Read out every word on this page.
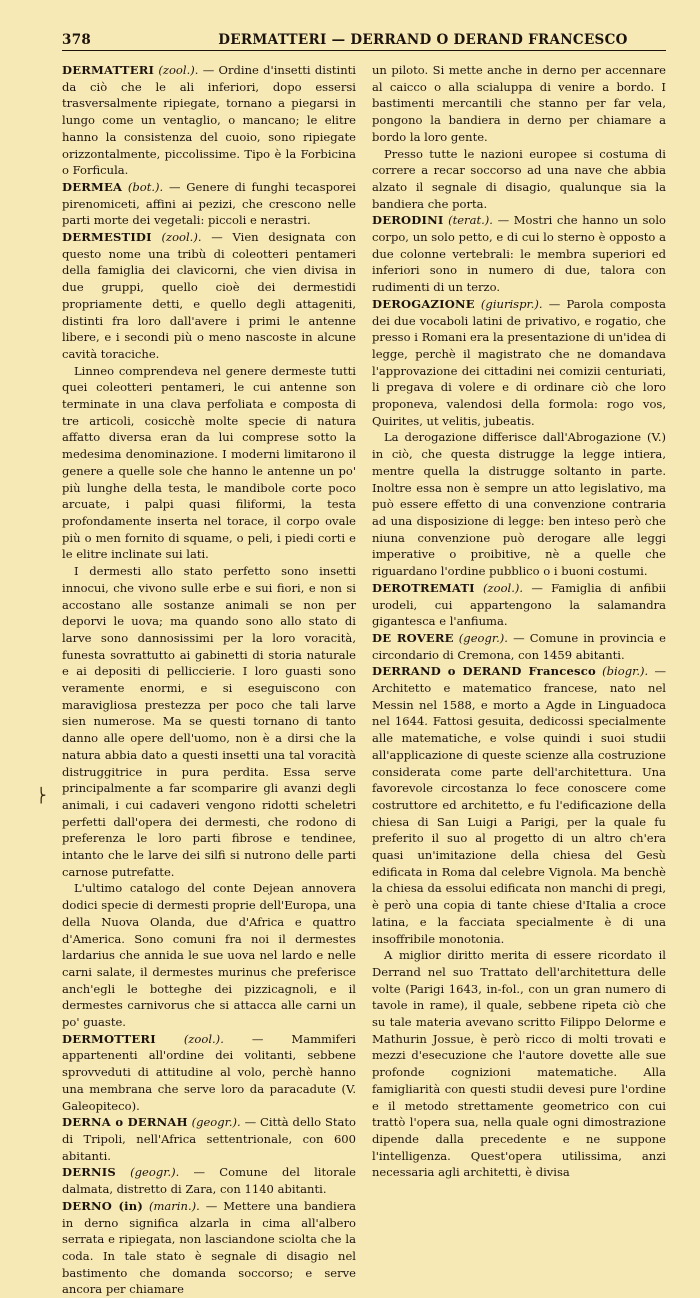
378	DERMATTERI — DERRAND O DERAND FRANCESCO
⎬

DERMATTERI (zool.). — Ordine d'insetti distinti da ciò che le ali inferiori, dopo essersi trasversalmente ripiegate, tornano a piegarsi in lungo come un ventaglio, o mancano; le elitre hanno la consistenza del cuoio, sono ripiegate orizzontalmente, piccolissime. Tipo è la Forbicina o Forficula.

DERMEA (bot.). — Genere di funghi tecasporei pirenomiceti, affini ai pezizi, che crescono nelle parti morte dei vegetali: piccoli e nerastri.

DERMESTIDI (zool.). — Vien designata con questo nome una tribù di coleotteri pentameri della famiglia dei clavicorni, che vien divisa in due gruppi, quello cioè dei dermestidi propriamente detti, e quello degli attageniti, distinti fra loro dall'avere i primi le antenne libere, e i secondi più o meno nascoste in alcune cavità toraciche.

Linneo comprendeva nel genere dermeste tutti quei coleotteri pentameri, le cui antenne son terminate in una clava perfoliata e composta di tre articoli, cosicchè molte specie di natura affatto diversa eran da lui comprese sotto la medesima denominazione. I moderni limitarono il genere a quelle sole che hanno le antenne un po' più lunghe della testa, le mandibole corte poco arcuate, i palpi quasi filiformi, la testa profondamente inserta nel torace, il corpo ovale più o men fornito di squame, o peli, i piedi corti e le elitre inclinate sui lati.

I dermesti allo stato perfetto sono insetti innocui, che vivono sulle erbe e sui fiori, e non si accostano alle sostanze animali se non per deporvi le uova; ma quando sono allo stato di larve sono dannosissimi per la loro voracità, funesta sovrattutto ai gabinetti di storia naturale e ai depositi di pelliccierie. I loro guasti sono veramente enormi, e si eseguiscono con maravigliosa prestezza per poco che tali larve sien numerose. Ma se questi tornano di tanto danno alle opere dell'uomo, non è a dirsi che la natura abbia dato a questi insetti una tal voracità distruggitrice in pura perdita. Essa serve principalmente a far scomparire gli avanzi degli animali, i cui cadaveri vengono ridotti scheletri perfetti dall'opera dei dermesti, che rodono di preferenza le loro parti fibrose e tendinee, intanto che le larve dei silfi si nutrono delle parti carnose putrefatte.

L'ultimo catalogo del conte Dejean annovera dodici specie di dermesti proprie dell'Europa, una della Nuova Olanda, due d'Africa e quattro d'America. Sono comuni fra noi il dermestes lardarius che annida le sue uova nel lardo e nelle carni salate, il dermestes murinus che preferisce anch'egli le botteghe dei pizzicagnoli, e il dermestes carnivorus che si attacca alle carni un po' guaste.

DERMOTTERI (zool.). — Mammiferi appartenenti all'ordine dei volitanti, sebbene sprovveduti di attitudine al volo, perchè hanno una membrana che serve loro da paracadute (V. Galeopiteco).

DERNA o DERNAH (geogr.). — Città dello Stato di Tripoli, nell'Africa settentrionale, con 600 abitanti.

DERNIS (geogr.). — Comune del litorale dalmata, distretto di Zara, con 1140 abitanti.

DERNO (in) (marin.). — Mettere una bandiera in derno significa alzarla in cima all'albero serrata e ripiegata, non lasciandone sciolta che la coda. In tale stato è segnale di disagio nel bastimento che domanda soccorso; e serve ancora per chiamare

un piloto. Si mette anche in derno per accennare al caicco o alla scialuppa di venire a bordo. I bastimenti mercantili che stanno per far vela, pongono la bandiera in derno per chiamare a bordo la loro gente.

Presso tutte le nazioni europee si costuma di correre a recar soccorso ad una nave che abbia alzato il segnale di disagio, qualunque sia la bandiera che porta.

DERODINI (terat.). — Mostri che hanno un solo corpo, un solo petto, e di cui lo sterno è opposto a due colonne vertebrali: le membra superiori ed inferiori sono in numero di due, talora con rudimenti di un terzo.

DEROGAZIONE (giurispr.). — Parola composta dei due vocaboli latini de privativo, e rogatio, che presso i Romani era la presentazione di un'idea di legge, perchè il magistrato che ne domandava l'approvazione dei cittadini nei comizii centuriati, li pregava di volere e di ordinare ciò che loro proponeva, valendosi della formola: rogo vos, Quirites, ut velitis, jubeatis.

La derogazione differisce dall'Abrogazione (V.) in ciò, che questa distrugge la legge intiera, mentre quella la distrugge soltanto in parte. Inoltre essa non è sempre un atto legislativo, ma può essere effetto di una convenzione contraria ad una disposizione di legge: ben inteso però che niuna convenzione può derogare alle leggi imperative o proibitive, nè a quelle che riguardano l'ordine pubblico o i buoni costumi.

DEROTREMATI (zool.). — Famiglia di anfibii urodeli, cui appartengono la salamandra gigantesca e l'anfiuma.

DE ROVERE (geogr.). — Comune in provincia e circondario di Cremona, con 1459 abitanti.

DERRAND o DERAND Francesco (biogr.). — Architetto e matematico francese, nato nel Messin nel 1588, e morto a Agde in Linguadoca nel 1644. Fattosi gesuita, dedicossi specialmente alle matematiche, e volse quindi i suoi studii all'applicazione di queste scienze alla costruzione considerata come parte dell'architettura. Una favorevole circostanza lo fece conoscere come costruttore ed architetto, e fu l'edificazione della chiesa di San Luigi a Parigi, per la quale fu preferito il suo al progetto di un altro ch'era quasi un'imitazione della chiesa del Gesù edificata in Roma dal celebre Vignola. Ma benchè la chiesa da essolui edificata non manchi di pregi, è però una copia di tante chiese d'Italia a croce latina, e la facciata specialmente è di una insoffribile monotonia.

A miglior diritto merita di essere ricordato il Derrand nel suo Trattato dell'architettura delle volte (Parigi 1643, in-fol., con un gran numero di tavole in rame), il quale, sebbene ripeta ciò che su tale materia avevano scritto Filippo Delorme e Mathurin Jossue, è però ricco di molti trovati e mezzi d'esecuzione che l'autore dovette alle sue profonde cognizioni matematiche. Alla famigliarità con questi studii devesi pure l'ordine e il metodo strettamente geometrico con cui trattò l'opera sua, nella quale ogni dimostrazione dipende dalla precedente e ne suppone l'intelligenza. Quest'opera utilissima, anzi necessaria agli architetti, è divisa
